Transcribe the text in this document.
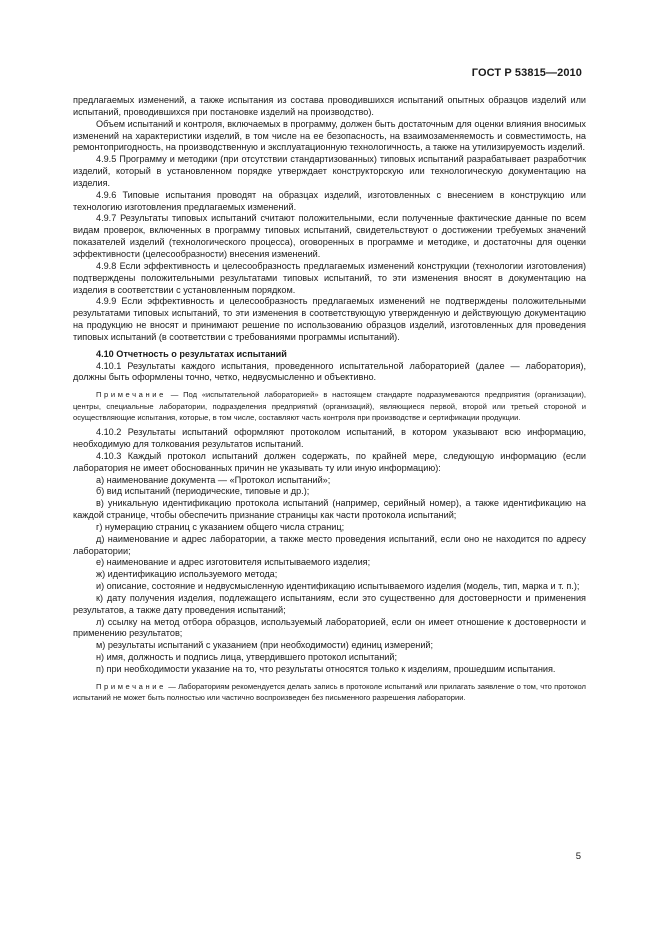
ГОСТ Р 53815—2010

предлагаемых изменений, а также испытания из состава проводившихся испытаний опытных образцов изделий или испытаний, проводившихся при постановке изделий на производство).

Объем испытаний и контроля, включаемых в программу, должен быть достаточным для оценки влияния вносимых изменений на характеристики изделий, в том числе на ее безопасность, на взаимозаменяемость и совместимость, на ремонтопригодность, на производственную и эксплуатационную технологичность, а также на утилизируемость изделий.

4.9.5 Программу и методики (при отсутствии стандартизованных) типовых испытаний разрабатывает разработчик изделий, который в установленном порядке утверждает конструкторскую или технологическую документацию на изделия.

4.9.6 Типовые испытания проводят на образцах изделий, изготовленных с внесением в конструкцию или технологию изготовления предлагаемых изменений.

4.9.7 Результаты типовых испытаний считают положительными, если полученные фактические данные по всем видам проверок, включенных в программу типовых испытаний, свидетельствуют о достижении требуемых значений показателей изделий (технологического процесса), оговоренных в программе и методике, и достаточны для оценки эффективности (целесообразности) внесения изменений.

4.9.8 Если эффективность и целесообразность предлагаемых изменений конструкции (технологии изготовления) подтверждены положительными результатами типовых испытаний, то эти изменения вносят в документацию на изделия в соответствии с установленным порядком.

4.9.9 Если эффективность и целесообразность предлагаемых изменений не подтверждены положительными результатами типовых испытаний, то эти изменения в соответствующую утвержденную и действующую документацию на продукцию не вносят и принимают решение по использованию образцов изделий, изготовленных для проведения типовых испытаний (в соответствии с требованиями программы испытаний).

4.10 Отчетность о результатах испытаний

4.10.1 Результаты каждого испытания, проведенного испытательной лабораторией (далее — лаборатория), должны быть оформлены точно, четко, недвусмысленно и объективно.

Примечание — Под «испытательной лабораторией» в настоящем стандарте подразумеваются предприятия (организации), центры, специальные лаборатории, подразделения предприятий (организаций), являющиеся первой, второй или третьей стороной и осуществляющие испытания, которые, в том числе, составляют часть контроля при производстве и сертификации продукции.

4.10.2 Результаты испытаний оформляют протоколом испытаний, в котором указывают всю информацию, необходимую для толкования результатов испытаний.

4.10.3 Каждый протокол испытаний должен содержать, по крайней мере, следующую информацию (если лаборатория не имеет обоснованных причин не указывать ту или иную информацию):

а) наименование документа — «Протокол испытаний»;

б) вид испытаний (периодические, типовые и др.);

в) уникальную идентификацию протокола испытаний (например, серийный номер), а также идентификацию на каждой странице, чтобы обеспечить признание страницы как части протокола испытаний;

г) нумерацию страниц с указанием общего числа страниц;

д) наименование и адрес лаборатории, а также место проведения испытаний, если оно не находится по адресу лаборатории;

е) наименование и адрес изготовителя испытываемого изделия;

ж) идентификацию используемого метода;

и) описание, состояние и недвусмысленную идентификацию испытываемого изделия (модель, тип, марка и т. п.);

к) дату получения изделия, подлежащего испытаниям, если это существенно для достоверности и применения результатов, а также дату проведения испытаний;

л) ссылку на метод отбора образцов, используемый лабораторией, если он имеет отношение к достоверности и применению результатов;

м) результаты испытаний с указанием (при необходимости) единиц измерений;

н) имя, должность и подпись лица, утвердившего протокол испытаний;

п) при необходимости указание на то, что результаты относятся только к изделиям, прошедшим испытания.

Примечание — Лабораториям рекомендуется делать запись в протоколе испытаний или прилагать заявление о том, что протокол испытаний не может быть полностью или частично воспроизведен без письменного разрешения лаборатории.

5
